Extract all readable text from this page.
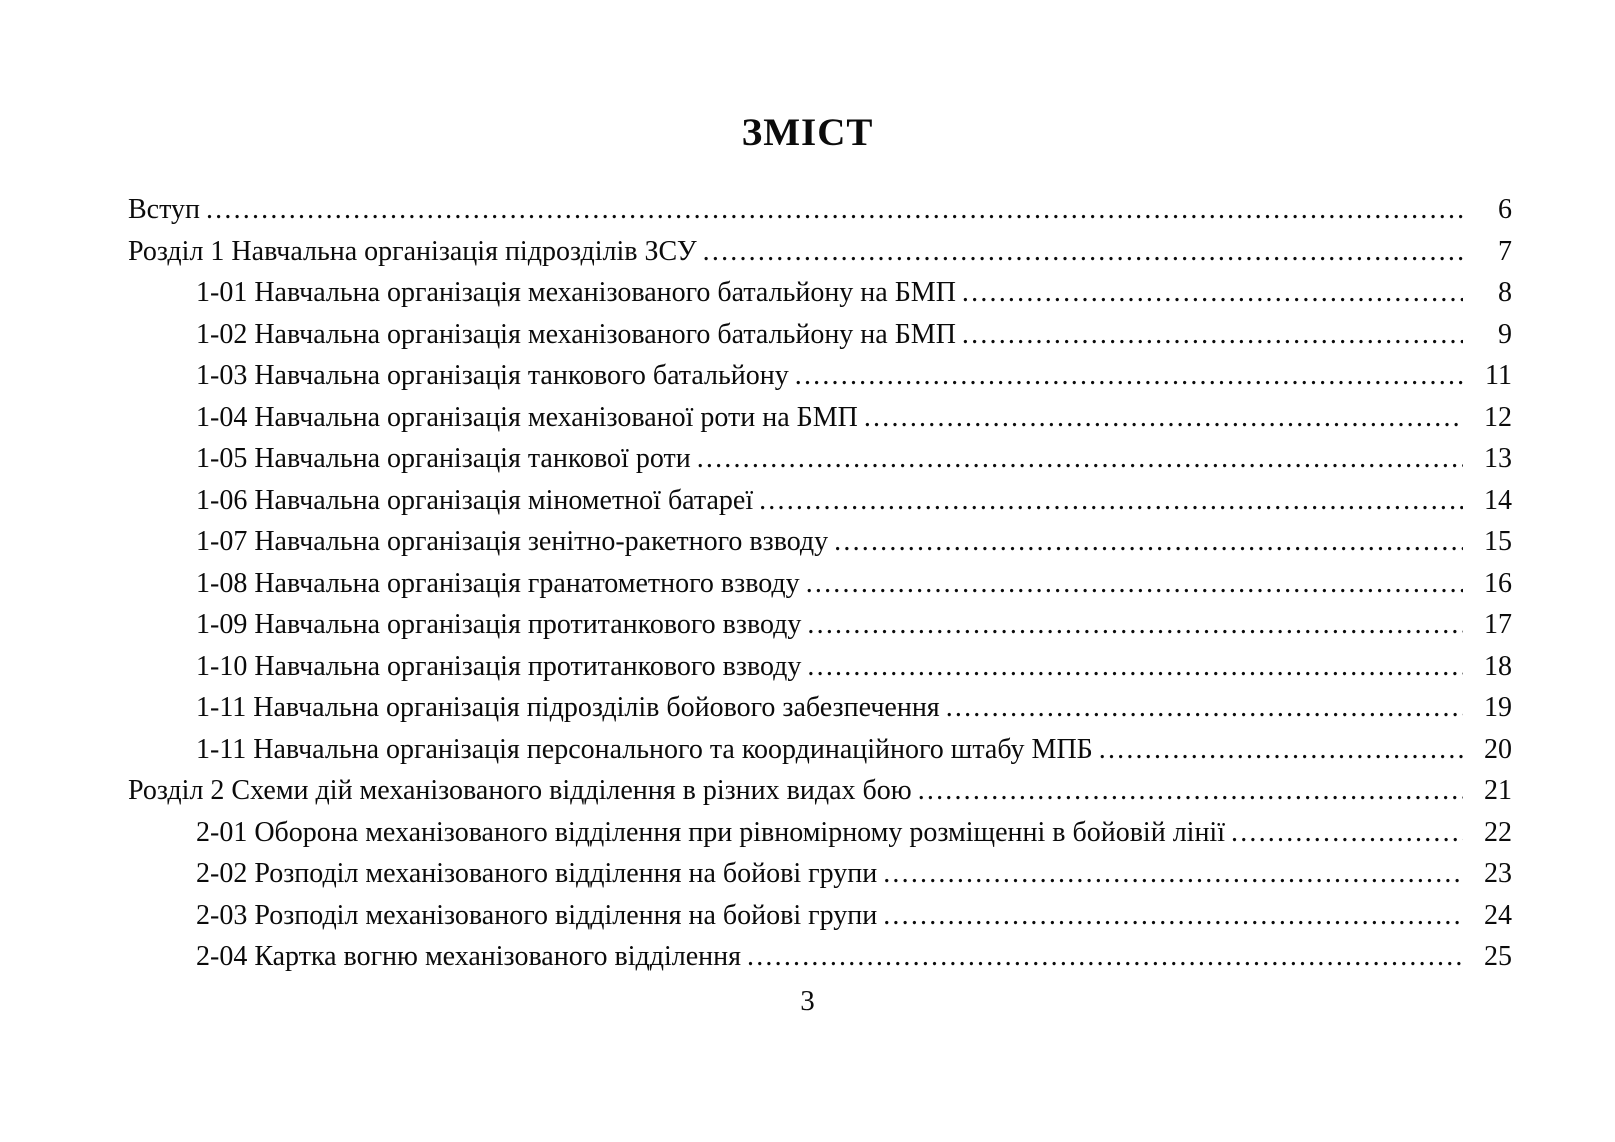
ЗМІСТ
Вступ .....	6
Розділ 1 Навчальна організація підрозділів ЗСУ .....	7
1-01 Навчальна організація механізованого батальйону на БМП .....	8
1-02 Навчальна організація механізованого батальйону на БМП .....	9
1-03 Навчальна організація танкового батальйону .....	11
1-04 Навчальна організація механізованої роти на БМП .....	12
1-05 Навчальна організація танкової роти .....	13
1-06 Навчальна організація мінометної батареї .....	14
1-07 Навчальна організація зенітно-ракетного взводу .....	15
1-08 Навчальна організація гранатометного взводу .....	16
1-09 Навчальна організація протитанкового взводу .....	17
1-10 Навчальна організація протитанкового взводу .....	18
1-11 Навчальна організація підрозділів бойового забезпечення .....	19
1-11 Навчальна організація персонального та координаційного штабу МПБ .....	20
Розділ 2 Схеми дій механізованого відділення в різних видах бою .....	21
2-01 Оборона механізованого відділення при рівномірному розміщенні в бойовій лінії .....	22
2-02 Розподіл механізованого відділення на бойові групи .....	23
2-03 Розподіл механізованого відділення на бойові групи .....	24
2-04 Картка вогню механізованого відділення .....	25
3
